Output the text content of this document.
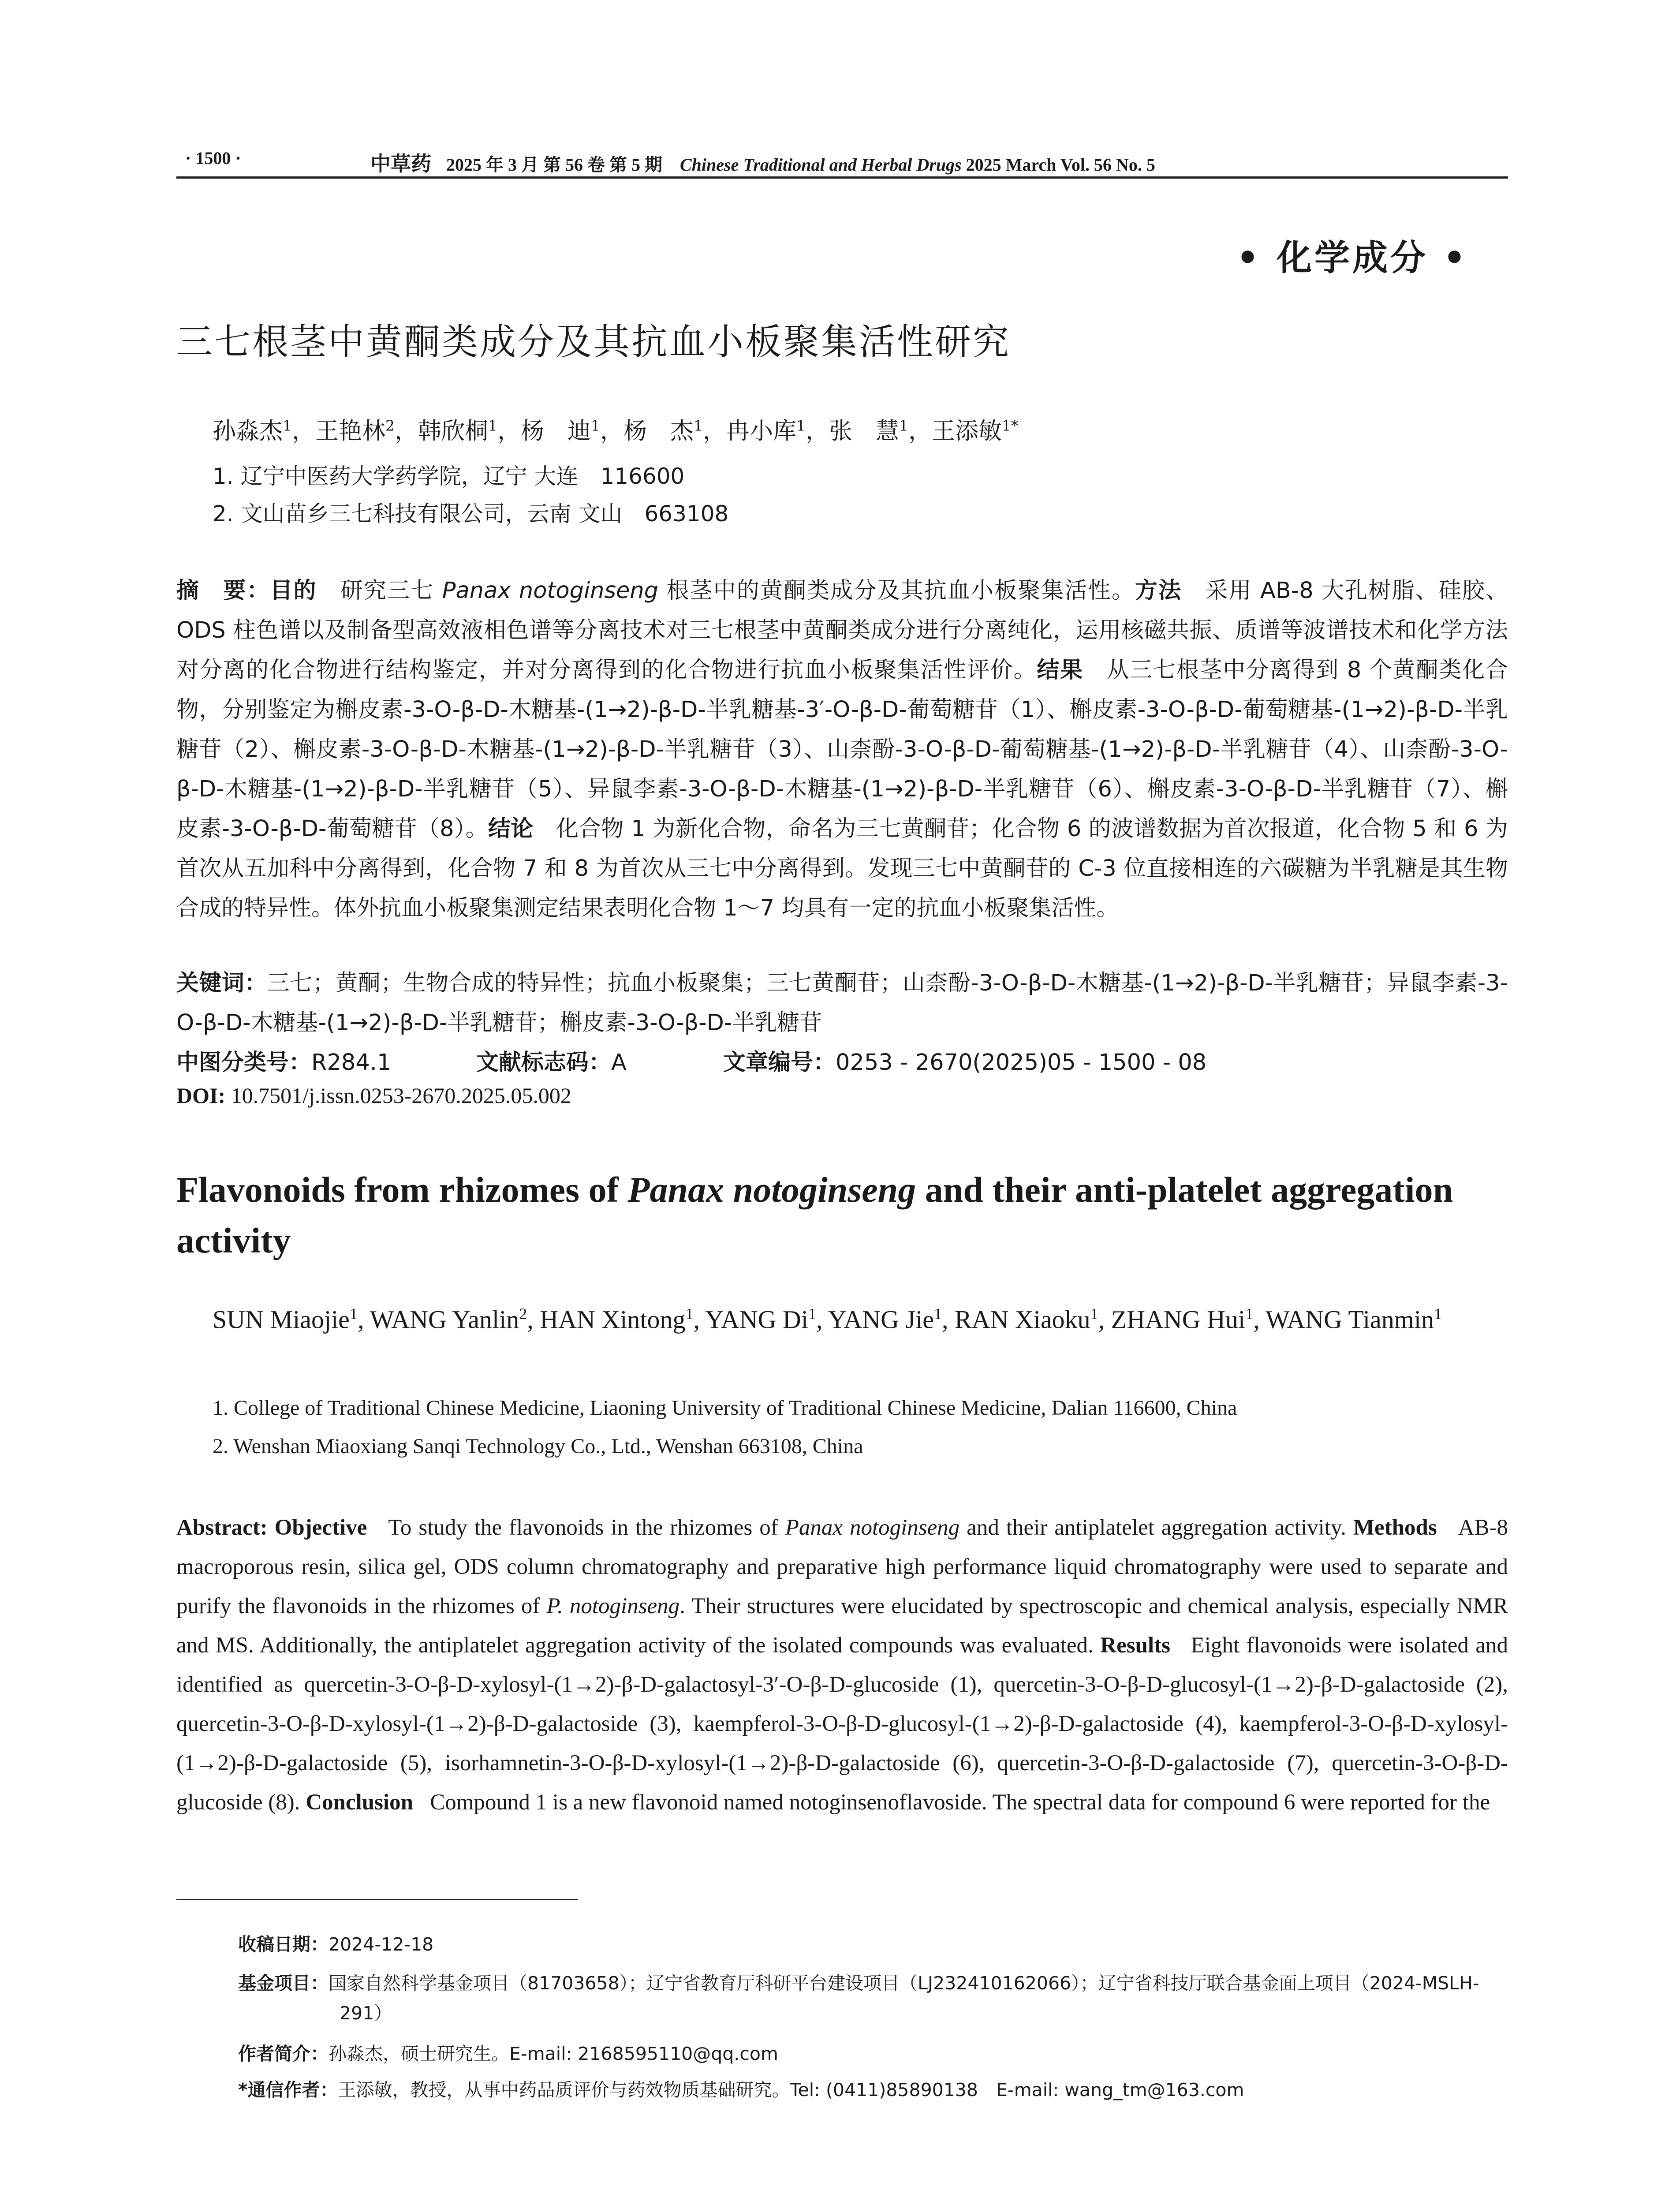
· 1500 ·	中草药 2025 年 3 月 第 56 卷 第 5 期 Chinese Traditional and Herbal Drugs 2025 March Vol. 56 No. 5
• 化学成分 •
三七根茎中黄酮类成分及其抗血小板聚集活性研究
孙淼杰$^1$，王艳林$^2$，韩欣桐$^1$，杨　迪$^1$，杨　杰$^1$，冉小库$^1$，张　慧$^1$，王添敏$^{1*}$
1. 辽宁中医药大学药学院，辽宁 大连　116600
2. 文山苗乡三七科技有限公司，云南 文山　663108
摘　要：目的　研究三七 Panax notoginseng 根茎中的黄酮类成分及其抗血小板聚集活性。方法　采用 AB-8 大孔树脂、硅胶、ODS 柱色谱以及制备型高效液相色谱等分离技术对三七根茎中黄酮类成分进行分离纯化，运用核磁共振、质谱等波谱技术和化学方法对分离的化合物进行结构鉴定，并对分离得到的化合物进行抗血小板聚集活性评价。结果　从三七根茎中分离得到 8 个黄酮类化合物，分别鉴定为槲皮素-3-O-β-D-木糖基-(1→2)-β-D-半乳糖基-3′-O-β-D-葡萄糖苷（1）、槲皮素-3-O-β-D-葡萄糖基-(1→2)-β-D-半乳糖苷（2）、槲皮素-3-O-β-D-木糖基-(1→2)-β-D-半乳糖苷（3）、山柰酚-3-O-β-D-葡萄糖基-(1→2)-β-D-半乳糖苷（4）、山柰酚-3-O-β-D-木糖基-(1→2)-β-D-半乳糖苷（5）、异鼠李素-3-O-β-D-木糖基-(1→2)-β-D-半乳糖苷（6）、槲皮素-3-O-β-D-半乳糖苷（7）、槲皮素-3-O-β-D-葡萄糖苷（8）。结论　化合物 1 为新化合物，命名为三七黄酮苷；化合物 6 的波谱数据为首次报道，化合物 5 和 6 为首次从五加科中分离得到，化合物 7 和 8 为首次从三七中分离得到。发现三七中黄酮苷的 C-3 位直接相连的六碳糖为半乳糖是其生物合成的特异性。体外抗血小板聚集测定结果表明化合物 1～7 均具有一定的抗血小板聚集活性。
关键词：三七；黄酮；生物合成的特异性；抗血小板聚集；三七黄酮苷；山柰酚-3-O-β-D-木糖基-(1→2)-β-D-半乳糖苷；异鼠李素-3-O-β-D-木糖基-(1→2)-β-D-半乳糖苷；槲皮素-3-O-β-D-半乳糖苷
中图分类号：R284.1	文献标志码：A	文章编号：0253 - 2670(2025)05 - 1500 - 08
DOI: 10.7501/j.issn.0253-2670.2025.05.002
Flavonoids from rhizomes of Panax notoginseng and their anti-platelet aggregation activity
SUN Miaojie$^1$, WANG Yanlin$^2$, HAN Xintong$^1$, YANG Di$^1$, YANG Jie$^1$, RAN Xiaoku$^1$, ZHANG Hui$^1$, WANG Tianmin$^1$
1. College of Traditional Chinese Medicine, Liaoning University of Traditional Chinese Medicine, Dalian 116600, China
2. Wenshan Miaoxiang Sanqi Technology Co., Ltd., Wenshan 663108, China
Abstract: Objective To study the flavonoids in the rhizomes of Panax notoginseng and their antiplatelet aggregation activity. Methods AB-8 macroporous resin, silica gel, ODS column chromatography and preparative high performance liquid chromatography were used to separate and purify the flavonoids in the rhizomes of P. notoginseng. Their structures were elucidated by spectroscopic and chemical analysis, especially NMR and MS. Additionally, the antiplatelet aggregation activity of the isolated compounds was evaluated. Results Eight flavonoids were isolated and identified as quercetin-3-O-β-D-xylosyl-(1→2)-β-D-galactosyl-3′-O-β-D-glucoside (1), quercetin-3-O-β-D-glucosyl-(1→2)-β-D-galactoside (2), quercetin-3-O-β-D-xylosyl-(1→2)-β-D-galactoside (3), kaempferol-3-O-β-D-glucosyl-(1→2)-β-D-galactoside (4), kaempferol-3-O-β-D-xylosyl-(1→2)-β-D-galactoside (5), isorhamnetin-3-O-β-D-xylosyl-(1→2)-β-D-galactoside (6), quercetin-3-O-β-D-galactoside (7), quercetin-3-O-β-D-glucoside (8). Conclusion Compound 1 is a new flavonoid named notoginsenoflavoside. The spectral data for compound 6 were reported for the
收稿日期：2024-12-18
基金项目：国家自然科学基金项目（81703658）；辽宁省教育厅科研平台建设项目（LJ232410162066）；辽宁省科技厅联合基金面上项目（2024-MSLH-291）
作者简介：孙淼杰，硕士研究生。E-mail: 2168595110@qq.com
*通信作者：王添敏，教授，从事中药品质评价与药效物质基础研究。Tel: (0411)85890138　E-mail: wang_tm@163.com
